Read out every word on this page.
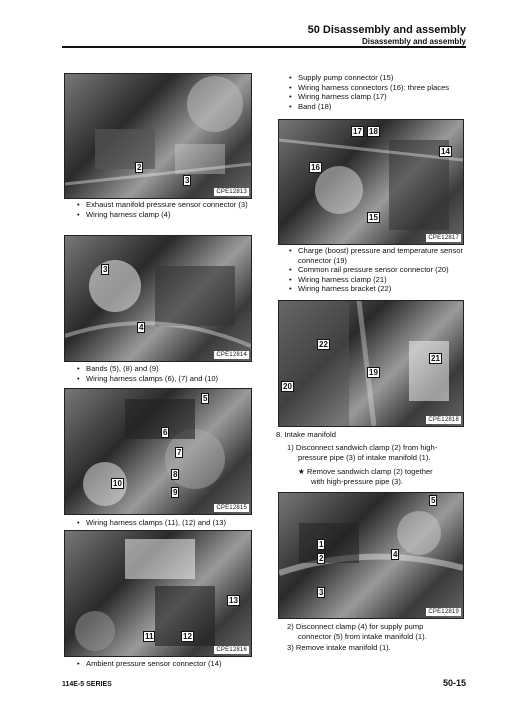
50 Disassembly and assembly
Disassembly and assembly
2
3
CPE12813
• Exhaust manifold pressure sensor connector (3)
• Wiring harness clamp (4)
3
4
CPE12814
• Bands (5), (8) and (9)
• Wiring harness clamps (6), (7) and (10)
5
6
7
8
9
10
CPE12815
• Wiring harness clamps (11), (12) and (13)
13
11	12
CPE12816
• Ambient pressure sensor connector (14)
• Supply pump connector (15)
• Wiring harness connectors (16): three places
• Wiring harness clamp (17)
• Band (18)
17 18
16
14
15
CPE12817
• Charge (boost) pressure and temperature sensor connector (19)
• Common rail pressure sensor connector (20)
• Wiring harness clamp (21)
• Wiring harness bracket (22)
22
21
19
20
CPE12818
8. Intake manifold
1) Disconnect sandwich clamp (2) from high-
pressure pipe (3) of intake manifold (1).
★ Remove sandwich clamp (2) together
with high-pressure pipe (3).
1
2
3
4
5
CPE12819
2) Disconnect clamp (4) for supply pump
connector (5) from intake manifold (1).
3) Remove intake manifold (1).
114E-5 SERIES	50-15
